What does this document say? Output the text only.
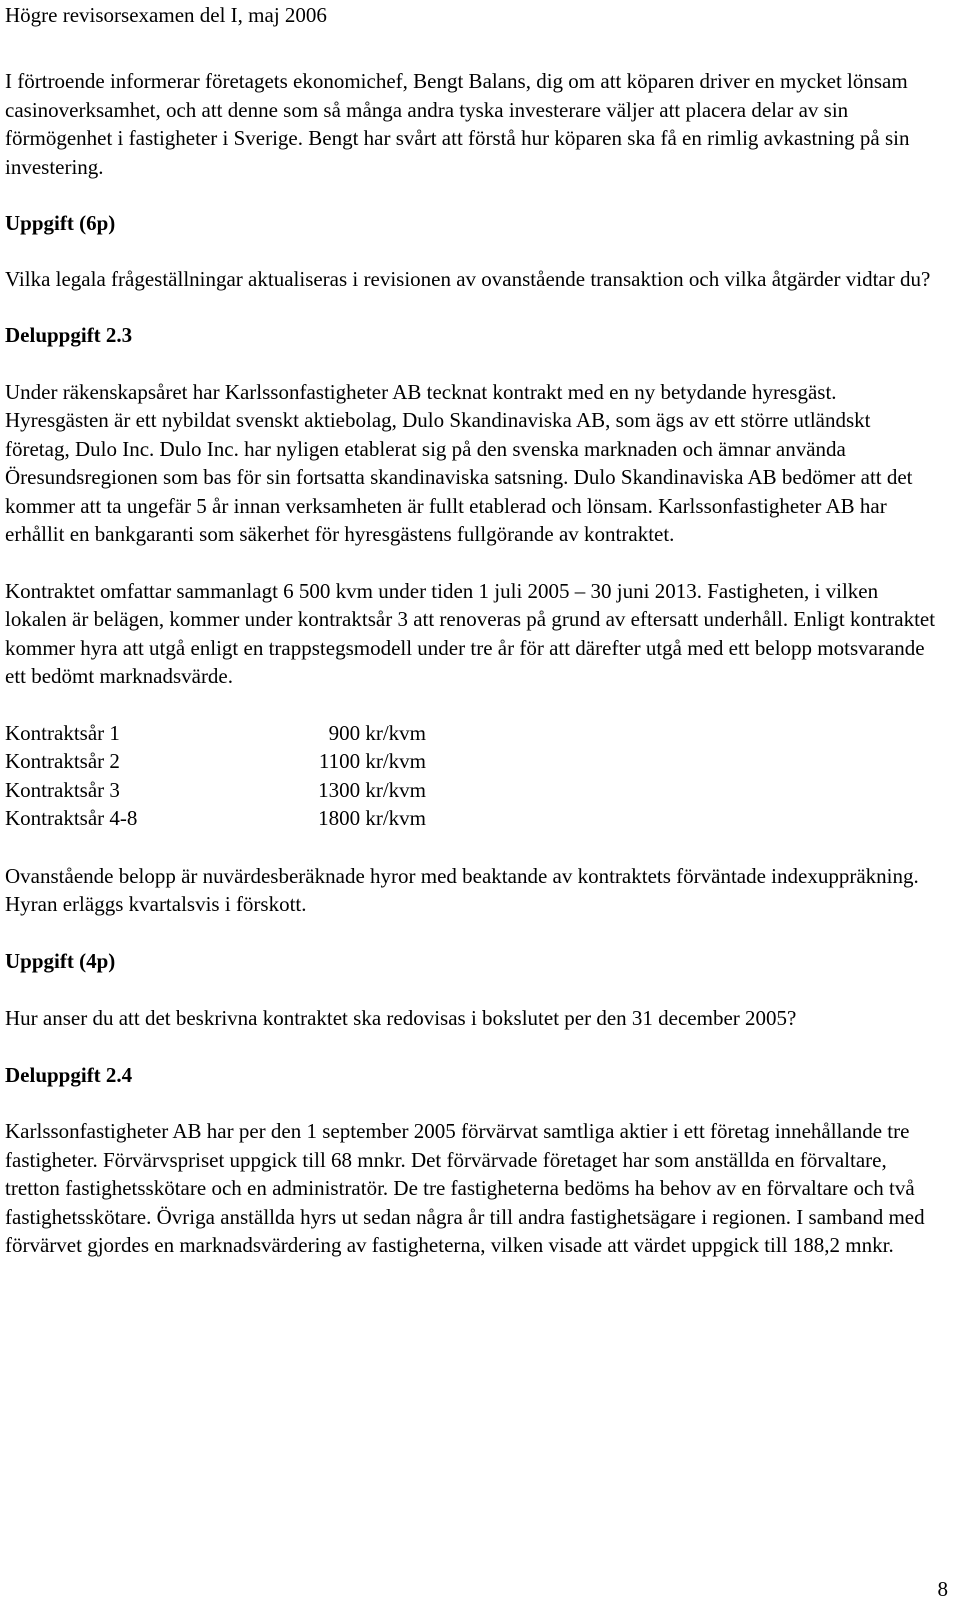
Högre revisorsexamen del I, maj 2006

I förtroende informerar företagets ekonomichef, Bengt Balans, dig om att köparen driver en mycket lönsam casinoverksamhet, och att denne som så många andra tyska investerare väljer att placera delar av sin förmögenhet i fastigheter i Sverige. Bengt har svårt att förstå hur köparen ska få en rimlig avkastning på sin investering.

Uppgift (6p)

Vilka legala frågeställningar aktualiseras i revisionen av ovanstående transaktion och vilka åtgärder vidtar du?

Deluppgift 2.3

Under räkenskapsåret har Karlssonfastigheter AB tecknat kontrakt med en ny betydande hyresgäst. Hyresgästen är ett nybildat svenskt aktiebolag, Dulo Skandinaviska AB, som ägs av ett större utländskt företag, Dulo Inc. Dulo Inc. har nyligen etablerat sig på den svenska marknaden och ämnar använda Öresundsregionen som bas för sin fortsatta skandinaviska satsning. Dulo Skandinaviska AB bedömer att det kommer att ta ungefär 5 år innan verksamheten är fullt etablerad och lönsam. Karlssonfastigheter AB har erhållit en bankgaranti som säkerhet för hyresgästens fullgörande av kontraktet.

Kontraktet omfattar sammanlagt 6 500 kvm under tiden 1 juli 2005 – 30 juni 2013. Fastigheten, i vilken lokalen är belägen, kommer under kontraktsår 3 att renoveras på grund av eftersatt underhåll. Enligt kontraktet kommer hyra att utgå enligt en trappstegsmodell under tre år för att därefter utgå med ett belopp motsvarande ett bedömt marknadsvärde.

Kontraktsår 1	900 kr/kvm
Kontraktsår 2	1100 kr/kvm
Kontraktsår 3	1300 kr/kvm
Kontraktsår 4-8	1800 kr/kvm

Ovanstående belopp är nuvärdesberäknade hyror med beaktande av kontraktets förväntade indexuppräkning. Hyran erläggs kvartalsvis i förskott.

Uppgift (4p)

Hur anser du att det beskrivna kontraktet ska redovisas i bokslutet per den 31 december 2005?

Deluppgift 2.4

Karlssonfastigheter AB har per den 1 september 2005 förvärvat samtliga aktier i ett företag innehållande tre fastigheter. Förvärvspriset uppgick till 68 mnkr. Det förvärvade företaget har som anställda en förvaltare, tretton fastighetsskötare och en administratör. De tre fastigheterna bedöms ha behov av en förvaltare och två fastighetsskötare. Övriga anställda hyrs ut sedan några år till andra fastighetsägare i regionen. I samband med förvärvet gjordes en marknadsvärdering av fastigheterna, vilken visade att värdet uppgick till 188,2 mnkr.

8
